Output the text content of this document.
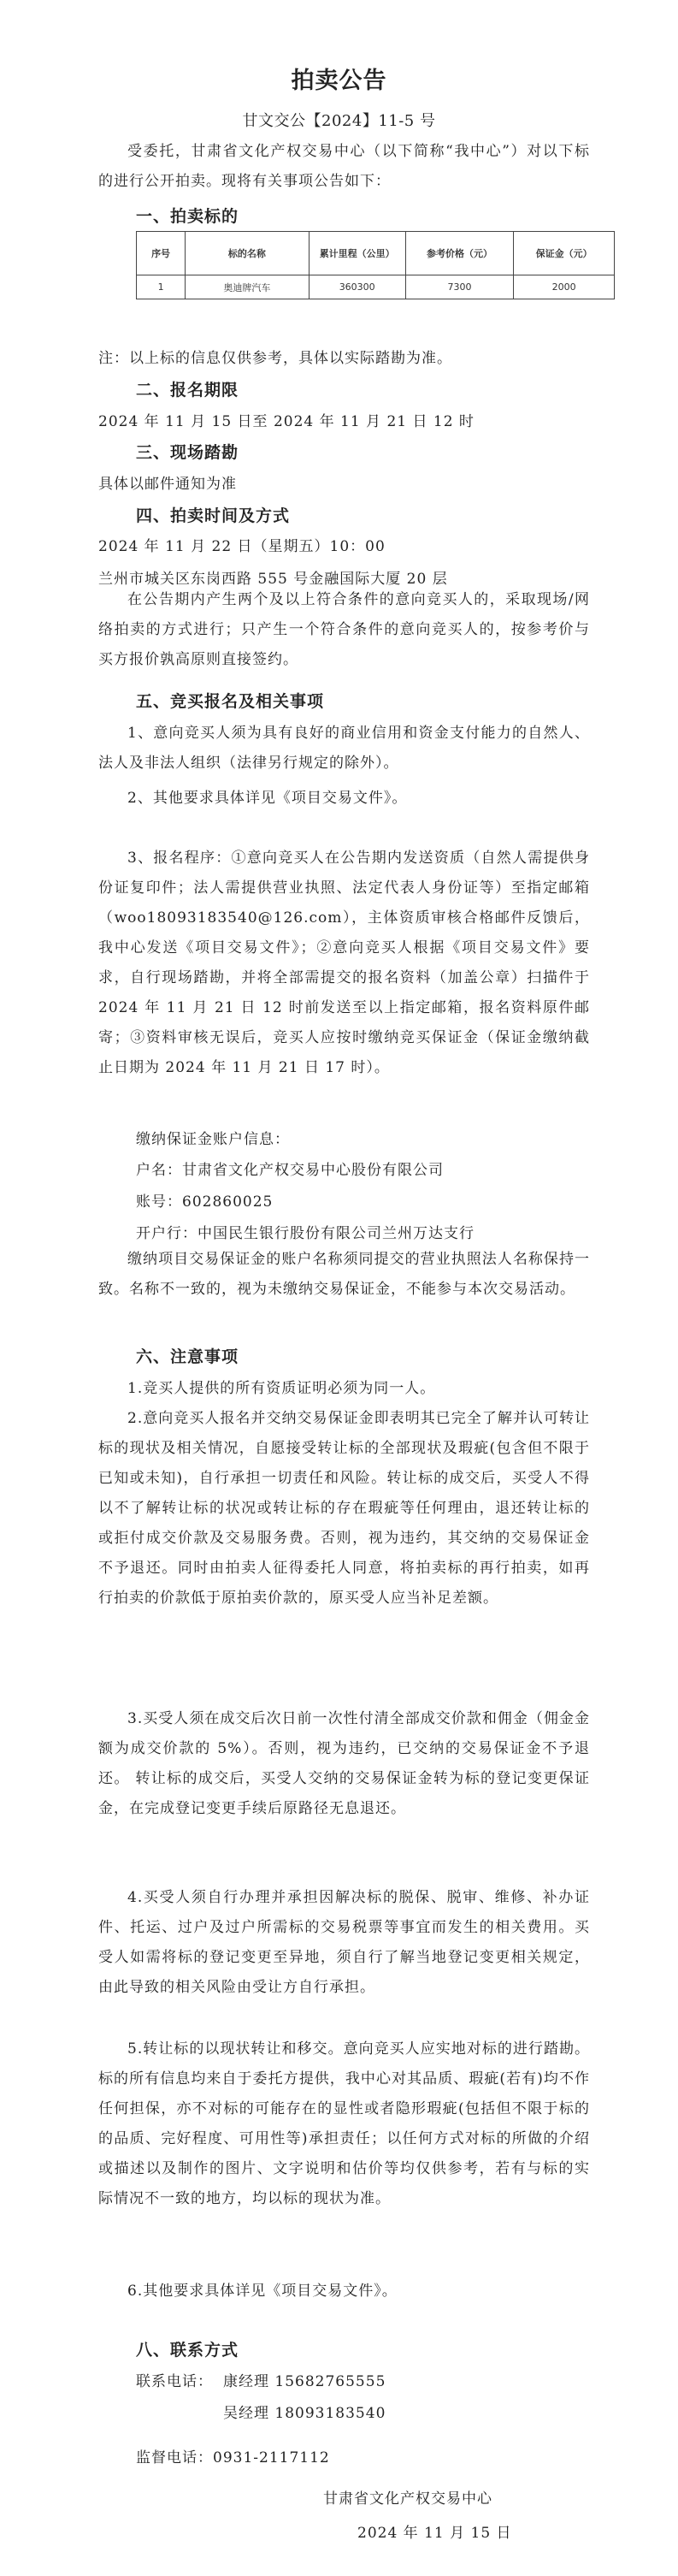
拍卖公告
甘文交公【2024】11-5 号
受委托，甘肃省文化产权交易中心（以下简称“我中心”）对以下标的进行公开拍卖。现将有关事项公告如下：
一、拍卖标的
序号	标的名称	累计里程（公里）	参考价格（元）	保证金（元）
1	奥迪牌汽车	360300	7300	2000
注：以上标的信息仅供参考，具体以实际踏勘为准。
二、报名期限
2024 年 11 月 15 日至 2024 年 11 月 21 日 12 时
三、现场踏勘
具体以邮件通知为准
四、拍卖时间及方式
2024 年 11 月 22 日（星期五）10：00
兰州市城关区东岗西路 555 号金融国际大厦 20 层
在公告期内产生两个及以上符合条件的意向竞买人的，采取现场/网络拍卖的方式进行；只产生一个符合条件的意向竞买人的，按参考价与买方报价孰高原则直接签约。
五、竞买报名及相关事项
1、意向竞买人须为具有良好的商业信用和资金支付能力的自然人、法人及非法人组织（法律另行规定的除外）。
2、其他要求具体详见《项目交易文件》。
3、报名程序：①意向竞买人在公告期内发送资质（自然人需提供身份证复印件；法人需提供营业执照、法定代表人身份证等）至指定邮箱（woo18093183540@126.com），主体资质审核合格邮件反馈后，我中心发送《项目交易文件》；②意向竞买人根据《项目交易文件》要求，自行现场踏勘，并将全部需提交的报名资料（加盖公章）扫描件于 2024 年 11 月 21 日 12 时前发送至以上指定邮箱，报名资料原件邮寄；③资料审核无误后，竞买人应按时缴纳竞买保证金（保证金缴纳截止日期为 2024 年 11 月 21 日 17 时）。
缴纳保证金账户信息：
户名：甘肃省文化产权交易中心股份有限公司
账号：602860025
开户行：中国民生银行股份有限公司兰州万达支行
缴纳项目交易保证金的账户名称须同提交的营业执照法人名称保持一致。名称不一致的，视为未缴纳交易保证金，不能参与本次交易活动。
六、注意事项
1.竞买人提供的所有资质证明必须为同一人。
2.意向竞买人报名并交纳交易保证金即表明其已完全了解并认可转让标的现状及相关情况，自愿接受转让标的全部现状及瑕疵(包含但不限于已知或未知)，自行承担一切责任和风险。转让标的成交后，买受人不得以不了解转让标的状况或转让标的存在瑕疵等任何理由，退还转让标的或拒付成交价款及交易服务费。否则，视为违约，其交纳的交易保证金不予退还。同时由拍卖人征得委托人同意，将拍卖标的再行拍卖，如再行拍卖的价款低于原拍卖价款的，原买受人应当补足差额。
3.买受人须在成交后次日前一次性付清全部成交价款和佣金（佣金金额为成交价款的 5%）。否则，视为违约，已交纳的交易保证金不予退还。 转让标的成交后，买受人交纳的交易保证金转为标的登记变更保证金，在完成登记变更手续后原路径无息退还。
4.买受人须自行办理并承担因解决标的脱保、脱审、维修、补办证件、托运、过户及过户所需标的交易税票等事宜而发生的相关费用。买受人如需将标的登记变更至异地，须自行了解当地登记变更相关规定，由此导致的相关风险由受让方自行承担。
5.转让标的以现状转让和移交。意向竞买人应实地对标的进行踏勘。标的所有信息均来自于委托方提供，我中心对其品质、瑕疵(若有)均不作任何担保，亦不对标的可能存在的显性或者隐形瑕疵(包括但不限于标的的品质、完好程度、可用性等)承担责任；以任何方式对标的所做的介绍或描述以及制作的图片、文字说明和估价等均仅供参考，若有与标的实际情况不一致的地方，均以标的现状为准。
6.其他要求具体详见《项目交易文件》。
八、联系方式
联系电话： 康经理 15682765555
吴经理 18093183540
监督电话：0931-2117112
甘肃省文化产权交易中心
2024 年 11 月 15 日
